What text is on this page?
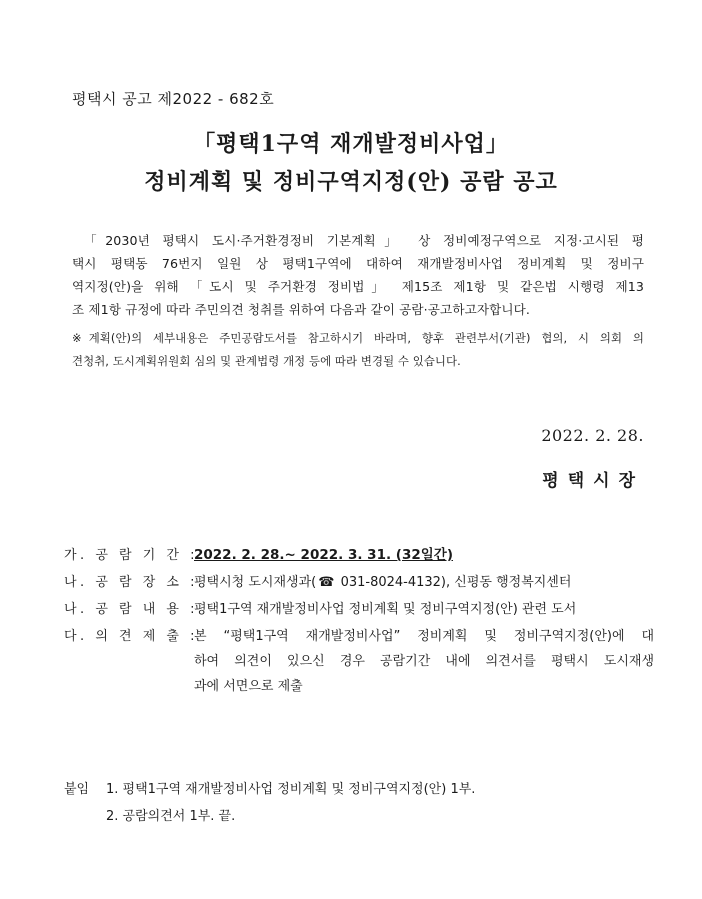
평택시 공고 제2022 - 682호
「평택1구역 재개발정비사업」
정비계획 및 정비구역지정(안) 공람 공고
「2030년 평택시 도시·주거환경정비 기본계획」 상 정비예정구역으로 지정·고시된 평
택시 평택동 76번지 일원 상 평택1구역에 대하여 재개발정비사업 정비계획 및 정비구
역지정(안)을 위해 「도시 및 주거환경 정비법」 제15조 제1항 및 같은법 시행령 제13
조 제1항 규정에 따라 주민의견 청취를 위하여 다음과 같이 공람·공고하고자합니다.
※계획(안)의 세부내용은 주민공람도서를 참고하시기 바라며, 향후 관련부서(기관) 협의, 시 의회 의
견청취, 도시계획위원회 심의 및 관계법령 개정 등에 따라 변경될 수 있습니다.
2022. 2. 28.
평택시장
가. 공 람 기 간 :
2022. 2. 28.~ 2022. 3. 31. (32일간)
나. 공 람 장 소 :
평택시청 도시재생과( ☎ 031-8024-4132), 신평동 행정복지센터
나. 공 람 내 용 :
평택1구역 재개발정비사업 정비계획 및 정비구역지정(안) 관련 도서
다. 의 견 제 출 :
본 “평택1구역 재개발정비사업” 정비계획 및 정비구역지정(안)에 대
하여 의견이 있으신 경우 공람기간 내에 의견서를 평택시 도시재생
과에 서면으로 제출
붙임	1. 평택1구역 재개발정비사업 정비계획 및 정비구역지정(안) 1부.
2. 공람의견서 1부. 끝.
